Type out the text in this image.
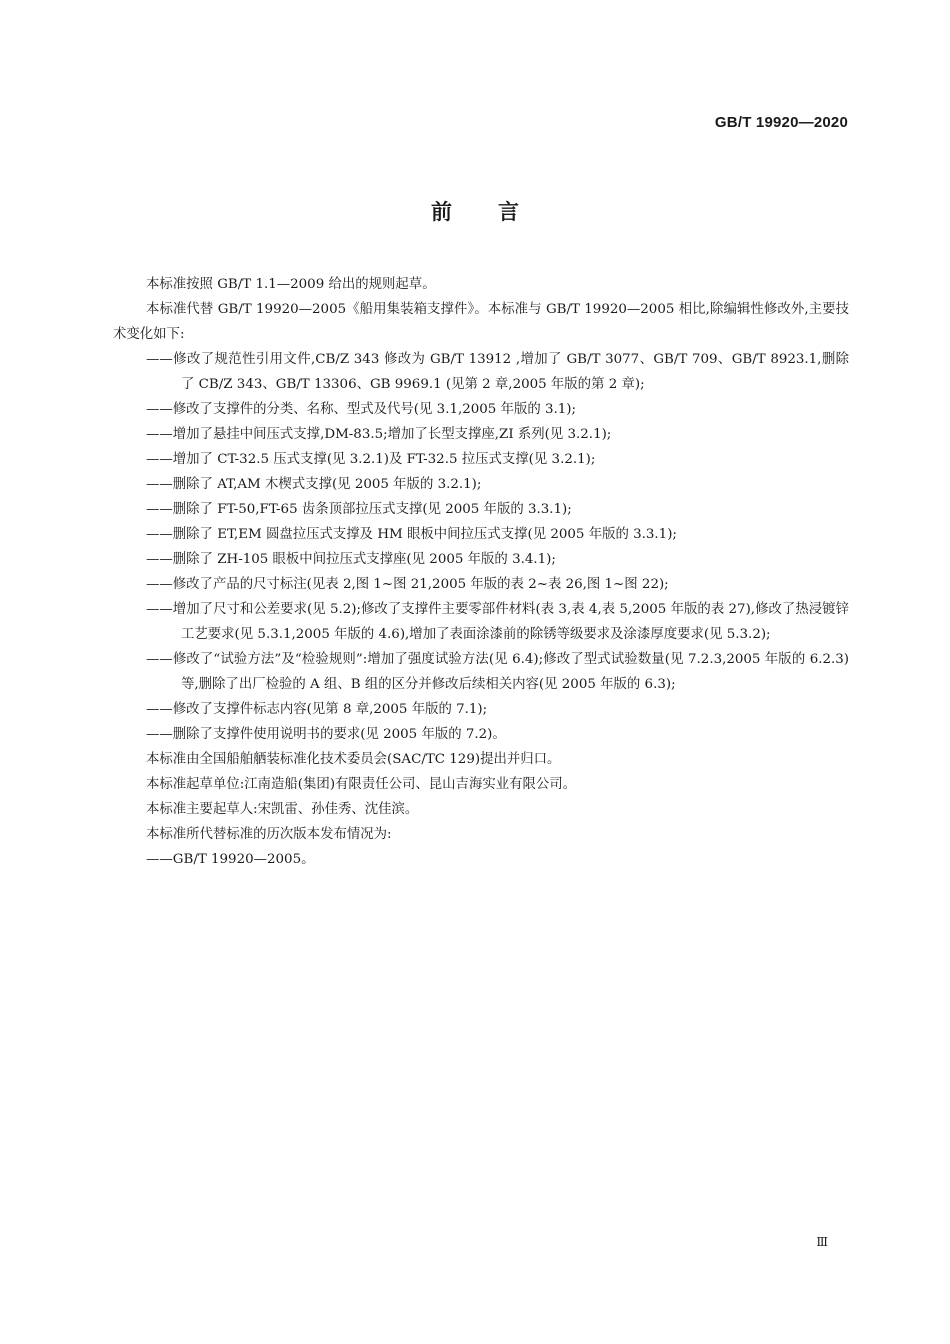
GB/T 19920—2020
前言

本标准按照 GB/T 1.1—2009 给出的规则起草。

本标准代替 GB/T 19920—2005《船用集装箱支撑件》。本标准与 GB/T 19920—2005 相比,除编辑性修改外,主要技术变化如下:

——修改了规范性引用文件,CB/Z 343 修改为 GB/T 13912 ,增加了 GB/T 3077、GB/T 709、GB/T 8923.1,删除了 CB/Z 343、GB/T 13306、GB 9969.1 (见第 2 章,2005 年版的第 2 章);

——修改了支撑件的分类、名称、型式及代号(见 3.1,2005 年版的 3.1);

——增加了悬挂中间压式支撑,DM-83.5;增加了长型支撑座,ZI 系列(见 3.2.1);

——增加了 CT-32.5 压式支撑(见 3.2.1)及 FT-32.5 拉压式支撑(见 3.2.1);

——删除了 AT,AM 木楔式支撑(见 2005 年版的 3.2.1);

——删除了 FT-50,FT-65 齿条顶部拉压式支撑(见 2005 年版的 3.3.1);

——删除了 ET,EM 圆盘拉压式支撑及 HM 眼板中间拉压式支撑(见 2005 年版的 3.3.1);

——删除了 ZH-105 眼板中间拉压式支撑座(见 2005 年版的 3.4.1);

——修改了产品的尺寸标注(见表 2,图 1~图 21,2005 年版的表 2~表 26,图 1~图 22);

——增加了尺寸和公差要求(见 5.2);修改了支撑件主要零部件材料(表 3,表 4,表 5,2005 年版的表 27),修改了热浸镀锌工艺要求(见 5.3.1,2005 年版的 4.6),增加了表面涂漆前的除锈等级要求及涂漆厚度要求(见 5.3.2);

——修改了“试验方法”及“检验规则”:增加了强度试验方法(见 6.4);修改了型式试验数量(见 7.2.3,2005 年版的 6.2.3)等,删除了出厂检验的 A 组、B 组的区分并修改后续相关内容(见 2005 年版的 6.3);

——修改了支撑件标志内容(见第 8 章,2005 年版的 7.1);

——删除了支撑件使用说明书的要求(见 2005 年版的 7.2)。

本标准由全国船舶舾装标准化技术委员会(SAC/TC 129)提出并归口。

本标准起草单位:江南造船(集团)有限责任公司、昆山吉海实业有限公司。

本标准主要起草人:宋凯雷、孙佳秀、沈佳滨。

本标准所代替标准的历次版本发布情况为:

——GB/T 19920—2005。

Ⅲ
